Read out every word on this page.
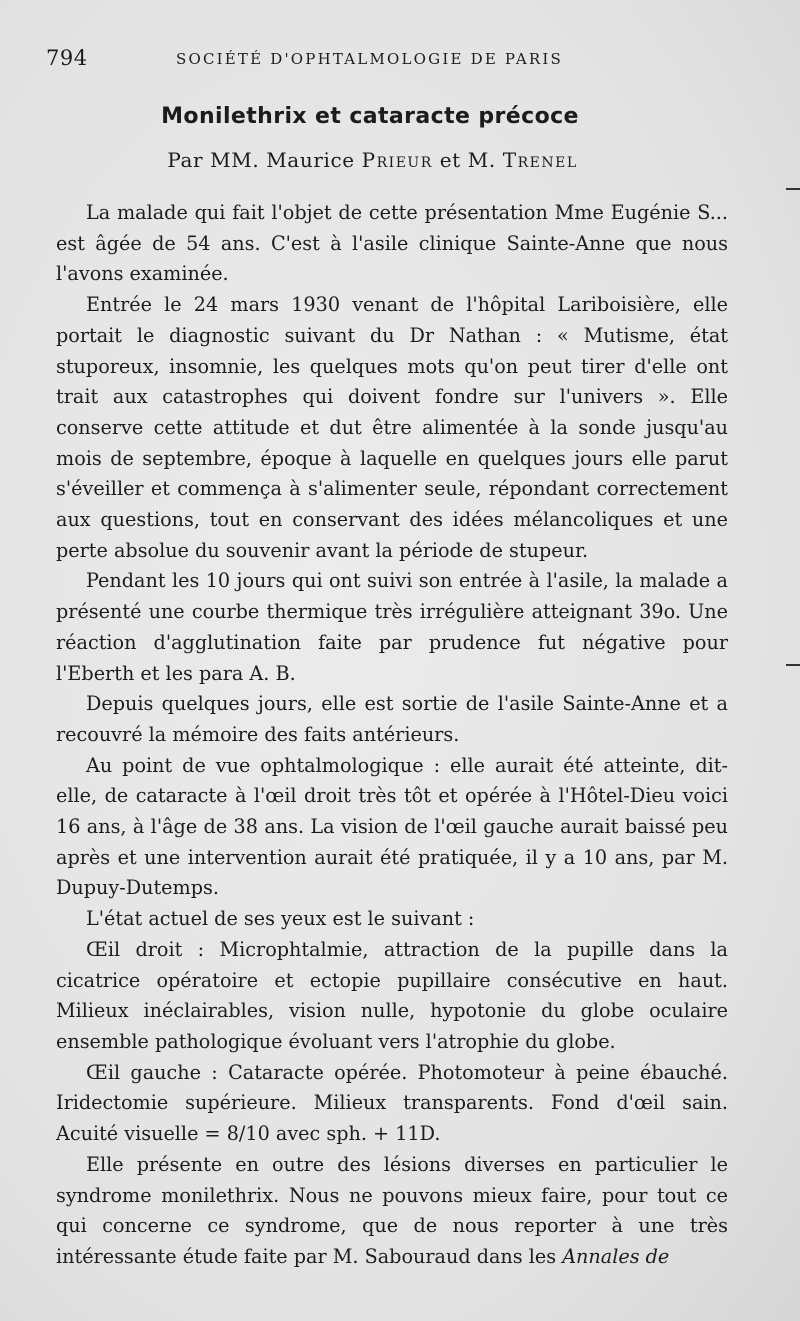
794	SOCIÉTÉ D'OPHTALMOLOGIE DE PARIS
Monilethrix et cataracte précoce
Par MM. Maurice Prieur et M. Trenel

La malade qui fait l'objet de cette présentation Mme Eugénie S... est âgée de 54 ans. C'est à l'asile clinique Sainte-Anne que nous l'avons examinée.

Entrée le 24 mars 1930 venant de l'hôpital Lariboisière, elle portait le diagnostic suivant du Dr Nathan : « Mutisme, état stuporeux, insomnie, les quelques mots qu'on peut tirer d'elle ont trait aux catastrophes qui doivent fondre sur l'univers ». Elle conserve cette attitude et dut être alimentée à la sonde jusqu'au mois de septembre, époque à laquelle en quelques jours elle parut s'éveiller et commença à s'alimenter seule, répondant correctement aux questions, tout en conservant des idées mélancoliques et une perte absolue du souvenir avant la période de stupeur.

Pendant les 10 jours qui ont suivi son entrée à l'asile, la malade a présenté une courbe thermique très irrégulière atteignant 39o. Une réaction d'agglutination faite par prudence fut négative pour l'Eberth et les para A. B.

Depuis quelques jours, elle est sortie de l'asile Sainte-Anne et a recouvré la mémoire des faits antérieurs.

Au point de vue ophtalmologique : elle aurait été atteinte, dit-elle, de cataracte à l'œil droit très tôt et opérée à l'Hôtel-Dieu voici 16 ans, à l'âge de 38 ans. La vision de l'œil gauche aurait baissé peu après et une intervention aurait été pratiquée, il y a 10 ans, par M. Dupuy-Dutemps.

L'état actuel de ses yeux est le suivant :

Œil droit : Microphtalmie, attraction de la pupille dans la cicatrice opératoire et ectopie pupillaire consécutive en haut. Milieux inéclairables, vision nulle, hypotonie du globe oculaire ensemble pathologique évoluant vers l'atrophie du globe.

Œil gauche : Cataracte opérée. Photomoteur à peine ébauché. Iridectomie supérieure. Milieux transparents. Fond d'œil sain. Acuité visuelle = 8/10 avec sph. + 11D.

Elle présente en outre des lésions diverses en particulier le syndrome monilethrix. Nous ne pouvons mieux faire, pour tout ce qui concerne ce syndrome, que de nous reporter à une très intéressante étude faite par M. Sabouraud dans les Annales de
